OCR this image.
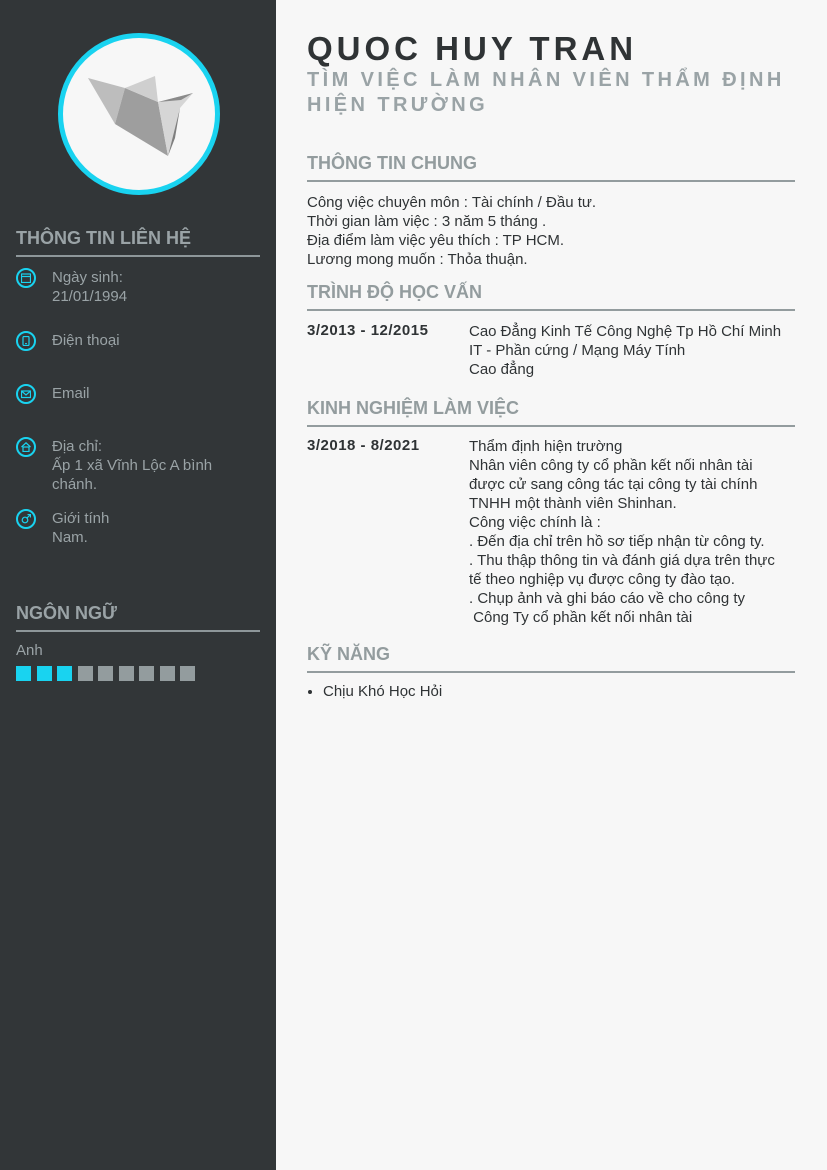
THÔNG TIN LIÊN HỆ
Ngày sinh:
21/01/1994
Điện thoại
Email
Địa chỉ:
Ấp 1 xã Vĩnh Lộc A bình chánh.
Giới tính
Nam.
NGÔN NGỮ
Anh
QUOC HUY TRAN
TÌM VIỆC LÀM NHÂN VIÊN THẨM ĐỊNH HIỆN TRƯỜNG
THÔNG TIN CHUNG
Công việc chuyên môn : Tài chính / Đầu tư.
Thời gian làm việc : 3 năm 5 tháng .
Địa điểm làm việc yêu thích : TP HCM.
Lương mong muốn : Thỏa thuận.
TRÌNH ĐỘ HỌC VẤN
3/2013 - 12/2015	Cao Đẳng Kinh Tế Công Nghệ Tp Hồ Chí Minh
IT - Phần cứng / Mạng Máy Tính
Cao đẳng
KINH NGHIỆM LÀM VIỆC
3/2018 - 8/2021	Thẩm định hiện trường
Nhân viên công ty cổ phần kết nối nhân tài
được cử sang công tác tại công ty tài chính
TNHH một thành viên Shinhan.
Công việc chính là :
. Đến địa chỉ trên hồ sơ tiếp nhận từ công ty.
. Thu thập thông tin và đánh giá dựa trên thực
tế theo nghiệp vụ được công ty đào tạo.
. Chụp ảnh và ghi báo cáo về cho công ty
Công Ty cổ phần kết nối nhân tài
KỸ NĂNG
• Chịu Khó Học Hỏi
